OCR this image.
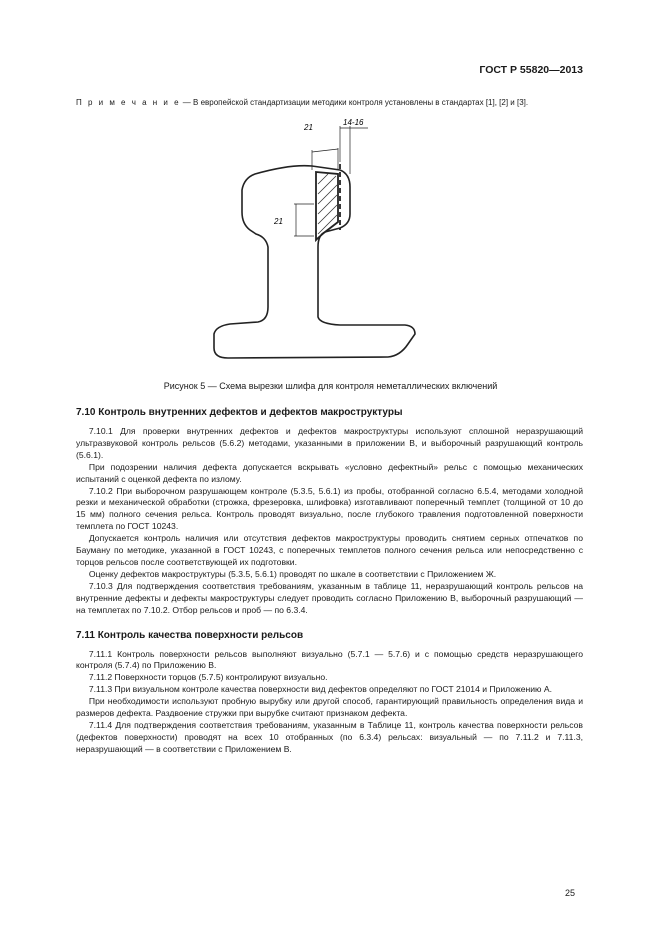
ГОСТ Р 55820—2013
П р и м е ч а н и е — В европейской стандартизации методики контроля установлены в стандартах [1], [2] и [3].
21
14-16
21
Рисунок 5 — Схема вырезки шлифа для контроля неметаллических включений
7.10 Контроль внутренних дефектов и дефектов макроструктуры

  7.10.1 Для проверки внутренних дефектов и дефектов макроструктуры используют сплошной неразрушающий ультразвуковой контроль рельсов (5.6.2) методами, указанными в приложении В, и выборочный разрушающий контроль (5.6.1).

  При подозрении наличия дефекта допускается вскрывать «условно дефектный» рельс с помощью механических испытаний с оценкой дефекта по излому.

  7.10.2 При выборочном разрушающем контроле (5.3.5, 5.6.1) из пробы, отобранной согласно 6.5.4, методами холодной резки и механической обработки (строжка, фрезеровка, шлифовка) изготавливают поперечный темплет (толщиной от 10 до 15 мм) полного сечения рельса. Контроль проводят визуально, после глубокого травления подготовленной поверхности темплета по ГОСТ 10243.

  Допускается контроль наличия или отсутствия дефектов макроструктуры проводить снятием серных отпечатков по Бауману по методике, указанной в ГОСТ 10243, с поперечных темплетов полного сечения рельса или непосредственно с торцов рельсов после соответствующей их подготовки.

  Оценку дефектов макроструктуры (5.3.5, 5.6.1) проводят по шкале в соответствии с Приложением Ж.

  7.10.3 Для подтверждения соответствия требованиям, указанным в таблице 11, неразрушающий контроль рельсов на внутренние дефекты и дефекты макроструктуры следует проводить согласно Приложению В, выборочный разрушающий — на темплетах по 7.10.2. Отбор рельсов и проб — по 6.3.4.

7.11 Контроль качества поверхности рельсов

  7.11.1 Контроль поверхности рельсов выполняют визуально (5.7.1 — 5.7.6) и с помощью средств неразрушающего контроля (5.7.4) по Приложению В.

  7.11.2 Поверхности торцов (5.7.5) контролируют визуально.

  7.11.3 При визуальном контроле качества поверхности вид дефектов определяют по ГОСТ 21014 и Приложению А.

  При необходимости используют пробную вырубку или другой способ, гарантирующий правильность определения вида и размеров дефекта. Раздвоение стружки при вырубке считают признаком дефекта.

  7.11.4 Для подтверждения соответствия требованиям, указанным в Таблице 11, контроль качества поверхности рельсов (дефектов поверхности) проводят на всех 10 отобранных (по 6.3.4) рельсах: визуальный — по 7.11.2 и 7.11.3, неразрушающий — в соответствии с Приложением В.

25
